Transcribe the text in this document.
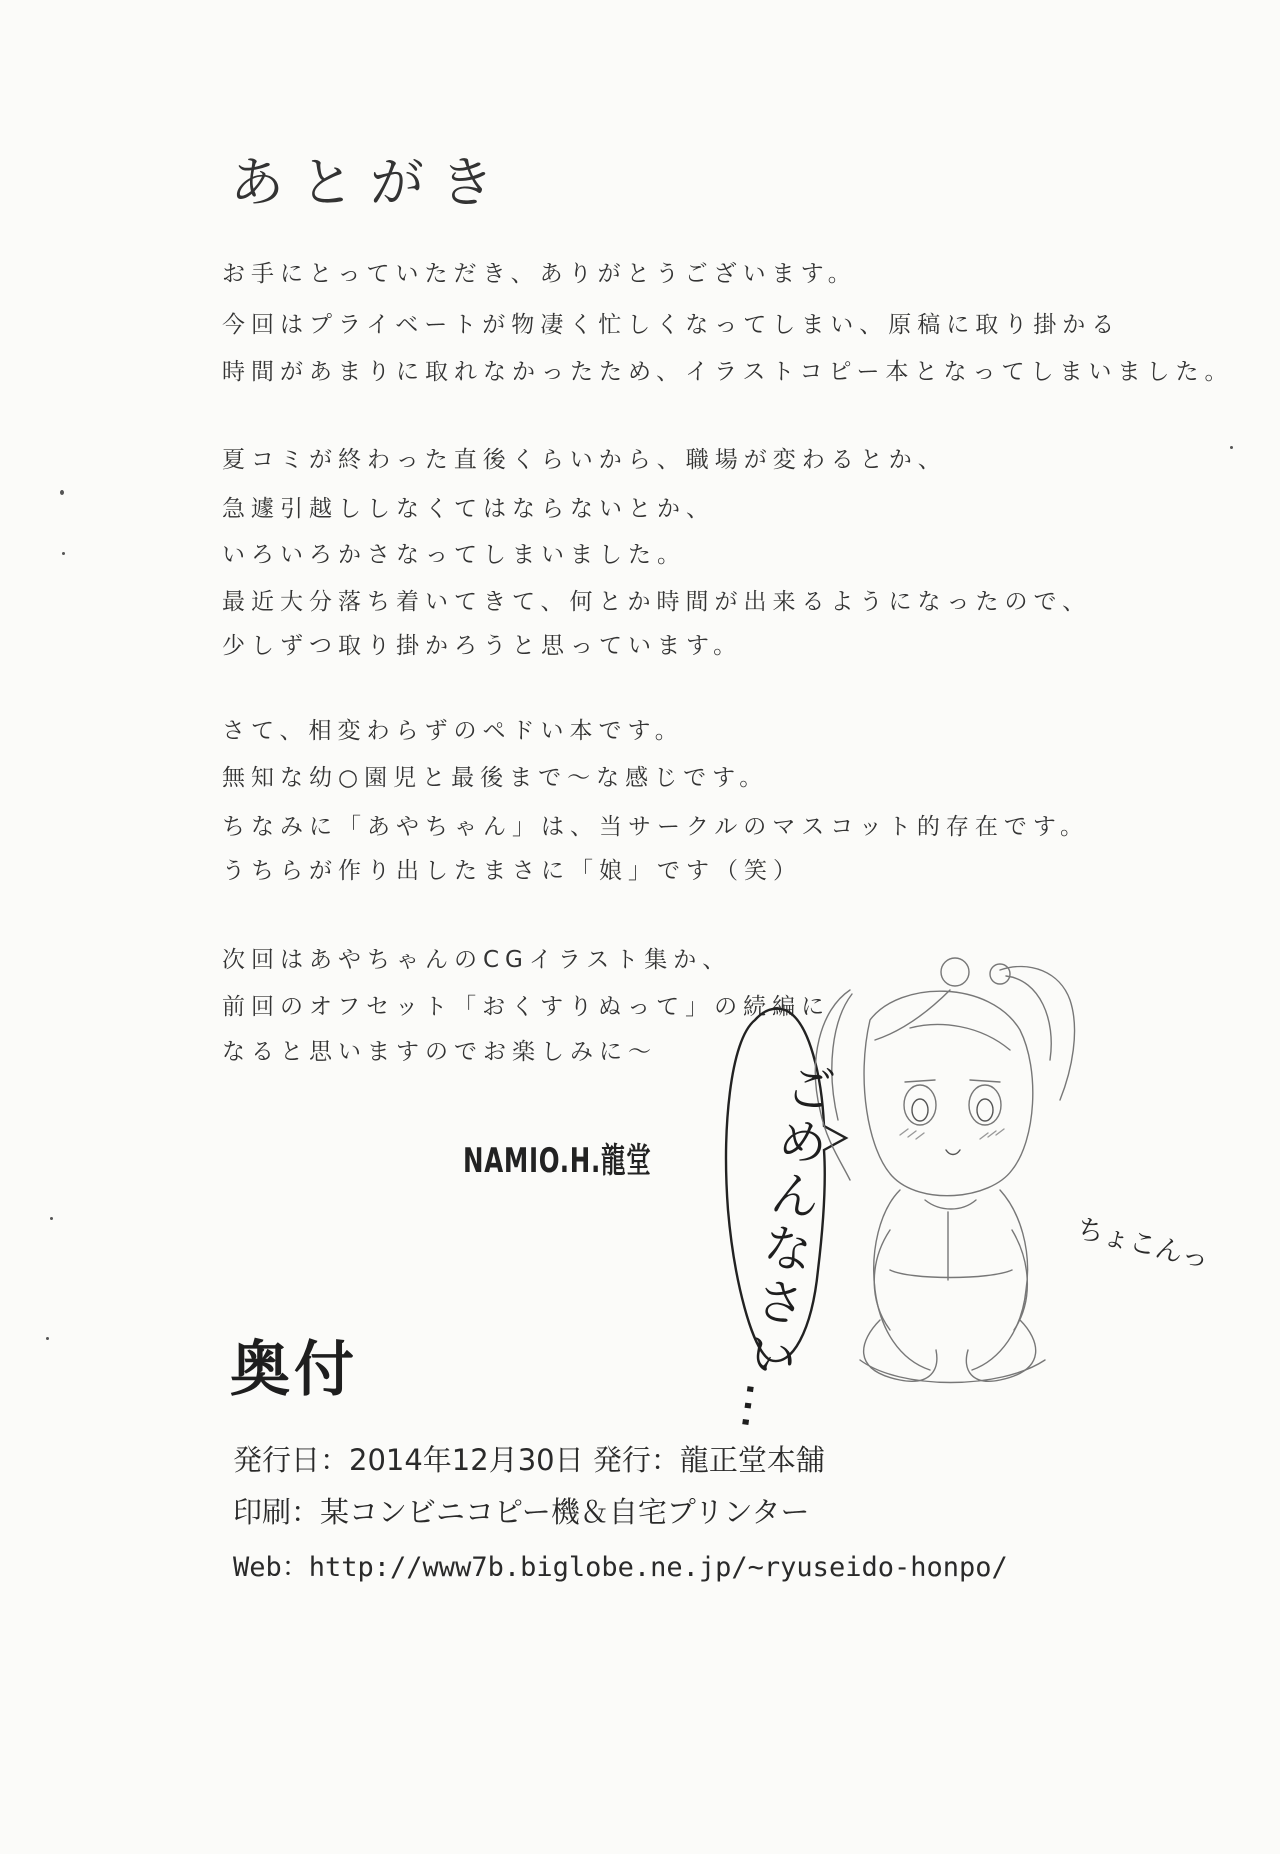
あとがき
お手にとっていただき、ありがとうございます。
今回はプライベートが物凄く忙しくなってしまい、原稿に取り掛かる
時間があまりに取れなかったため、イラストコピー本となってしまいました。
夏コミが終わった直後くらいから、職場が変わるとか、
急遽引越ししなくてはならないとか、
いろいろかさなってしまいました。
最近大分落ち着いてきて、何とか時間が出来るようになったので、
少しずつ取り掛かろうと思っています。
さて、相変わらずのペドい本です。
無知な幼○園児と最後まで～な感じです。
ちなみに「あやちゃん」は、当サークルのマスコット的存在です。
うちらが作り出したまさに「娘」です（笑）
次回はあやちゃんのCGイラスト集か、
前回のオフセット「おくすりぬって」の続編に
なると思いますのでお楽しみに～
NAMIO.H.龍堂 ごめんなさい…	ちょこんっ
奥付
発行日：2014年12月30日 発行：龍正堂本舗
印刷：某コンビニコピー機＆自宅プリンター
Web：http://www7b.biglobe.ne.jp/~ryuseido-honpo/
